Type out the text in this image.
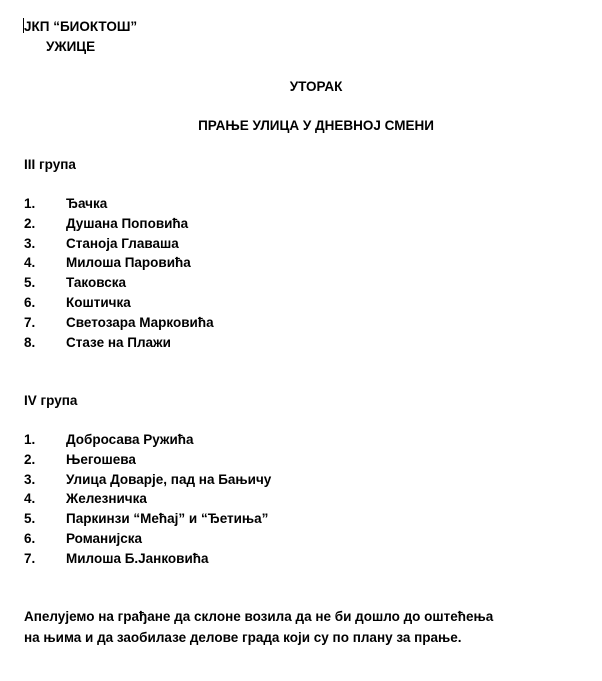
ЈКП “БИОКТОШ”
УЖИЦЕ
УТОРАК
ПРАЊЕ УЛИЦА У ДНЕВНОЈ СМЕНИ
III група
1. Ђачка
2. Душана Поповића
3. Станоја Главаша
4. Милоша Паровића
5. Таковска
6. Коштичка
7. Светозара Марковића
8. Стазе на Плажи
IV група
1. Добросава Ружића
2. Његошева
3. Улица Доварје, пад на Бањичу
4. Железничка
5. Паркинзи “Мећај” и “Ђетиња”
6. Романијска
7. Милоша Б.Јанковића
Апелујемо на грађане да склоне возила да не би дошло до оштећења
на њима и да заобилазе делове града који су по плану за прање.
